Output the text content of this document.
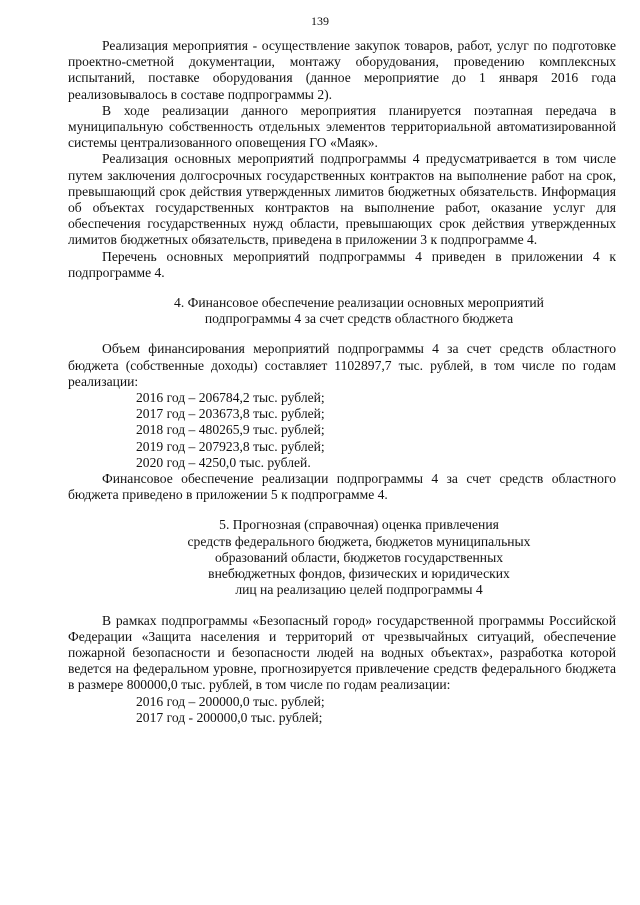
139

Реализация мероприятия - осуществление закупок товаров, работ, услуг по подготовке проектно-сметной документации, монтажу оборудования, проведению комплексных испытаний, поставке оборудования (данное мероприятие до 1 января 2016 года реализовывалось в составе подпрограммы 2).

В ходе реализации данного мероприятия планируется поэтапная передача в муниципальную собственность отдельных элементов территориальной автоматизированной системы централизованного оповещения ГО «Маяк».

Реализация основных мероприятий подпрограммы 4 предусматривается в том числе путем заключения долгосрочных государственных контрактов на выполнение работ на срок, превышающий срок действия утвержденных лимитов бюджетных обязательств. Информация об объектах государственных контрактов на выполнение работ, оказание услуг для обеспечения государственных нужд области, превышающих срок действия утвержденных лимитов бюджетных обязательств, приведена в приложении 3 к подпрограмме 4.

Перечень основных мероприятий подпрограммы 4 приведен в приложении 4 к подпрограмме 4.

4. Финансовое обеспечение реализации основных мероприятий

подпрограммы 4 за счет средств областного бюджета

Объем финансирования мероприятий подпрограммы 4 за счет средств областного бюджета (собственные доходы) составляет 1102897,7 тыс. рублей, в том числе по годам реализации:

2016 год – 206784,2 тыс. рублей;

2017 год – 203673,8 тыс. рублей;

2018 год – 480265,9 тыс. рублей;

2019 год – 207923,8 тыс. рублей;

2020 год – 4250,0 тыс. рублей.

Финансовое обеспечение реализации подпрограммы 4 за счет средств областного бюджета приведено в приложении 5 к подпрограмме 4.

5. Прогнозная (справочная) оценка привлечения

средств федерального бюджета, бюджетов муниципальных

образований области, бюджетов государственных

внебюджетных фондов, физических и юридических

лиц на реализацию целей подпрограммы 4

В рамках подпрограммы «Безопасный город» государственной программы Российской Федерации «Защита населения и территорий от чрезвычайных ситуаций, обеспечение пожарной безопасности и безопасности людей на водных объектах», разработка которой ведется на федеральном уровне, прогнозируется привлечение средств федерального бюджета в размере 800000,0 тыс. рублей, в том числе по годам реализации:

2016 год – 200000,0 тыс. рублей;

2017 год - 200000,0 тыс. рублей;
